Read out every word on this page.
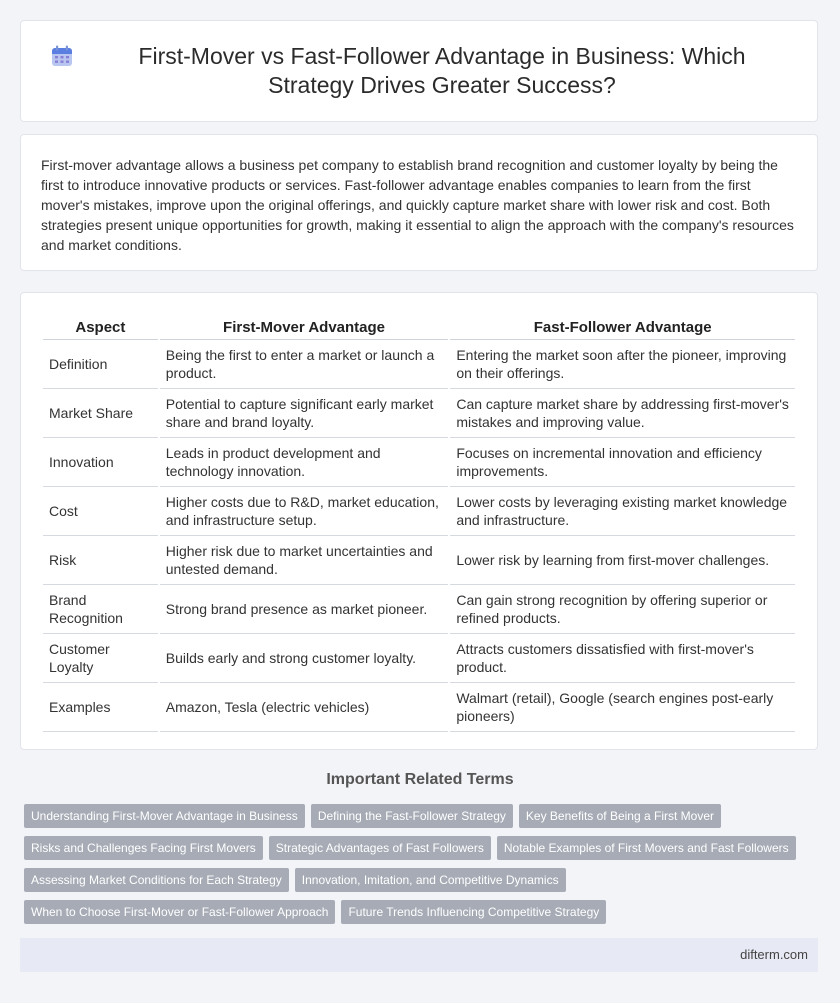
First-Mover vs Fast-Follower Advantage in Business: Which Strategy Drives Greater Success?

First-mover advantage allows a business pet company to establish brand recognition and customer loyalty by being the first to introduce innovative products or services. Fast-follower advantage enables companies to learn from the first mover's mistakes, improve upon the original offerings, and quickly capture market share with lower risk and cost. Both strategies present unique opportunities for growth, making it essential to align the approach with the company's resources and market conditions.

Aspect	First-Mover Advantage	Fast-Follower Advantage
Definition	Being the first to enter a market or launch a product.	Entering the market soon after the pioneer, improving on their offerings.
Market Share	Potential to capture significant early market share and brand loyalty.	Can capture market share by addressing first-mover's mistakes and improving value.
Innovation	Leads in product development and technology innovation.	Focuses on incremental innovation and efficiency improvements.
Cost	Higher costs due to R&D, market education, and infrastructure setup.	Lower costs by leveraging existing market knowledge and infrastructure.
Risk	Higher risk due to market uncertainties and untested demand.	Lower risk by learning from first-mover challenges.
Brand Recognition	Strong brand presence as market pioneer.	Can gain strong recognition by offering superior or refined products.
Customer Loyalty	Builds early and strong customer loyalty.	Attracts customers dissatisfied with first-mover's product.
Examples	Amazon, Tesla (electric vehicles)	Walmart (retail), Google (search engines post-early pioneers)
Important Related Terms
Understanding First-Mover Advantage in Business	Defining the Fast-Follower Strategy	Key Benefits of Being a First Mover
Risks and Challenges Facing First Movers	Strategic Advantages of Fast Followers	Notable Examples of First Movers and Fast Followers
Assessing Market Conditions for Each Strategy	Innovation, Imitation, and Competitive Dynamics
When to Choose First-Mover or Fast-Follower Approach	Future Trends Influencing Competitive Strategy
difterm.com
